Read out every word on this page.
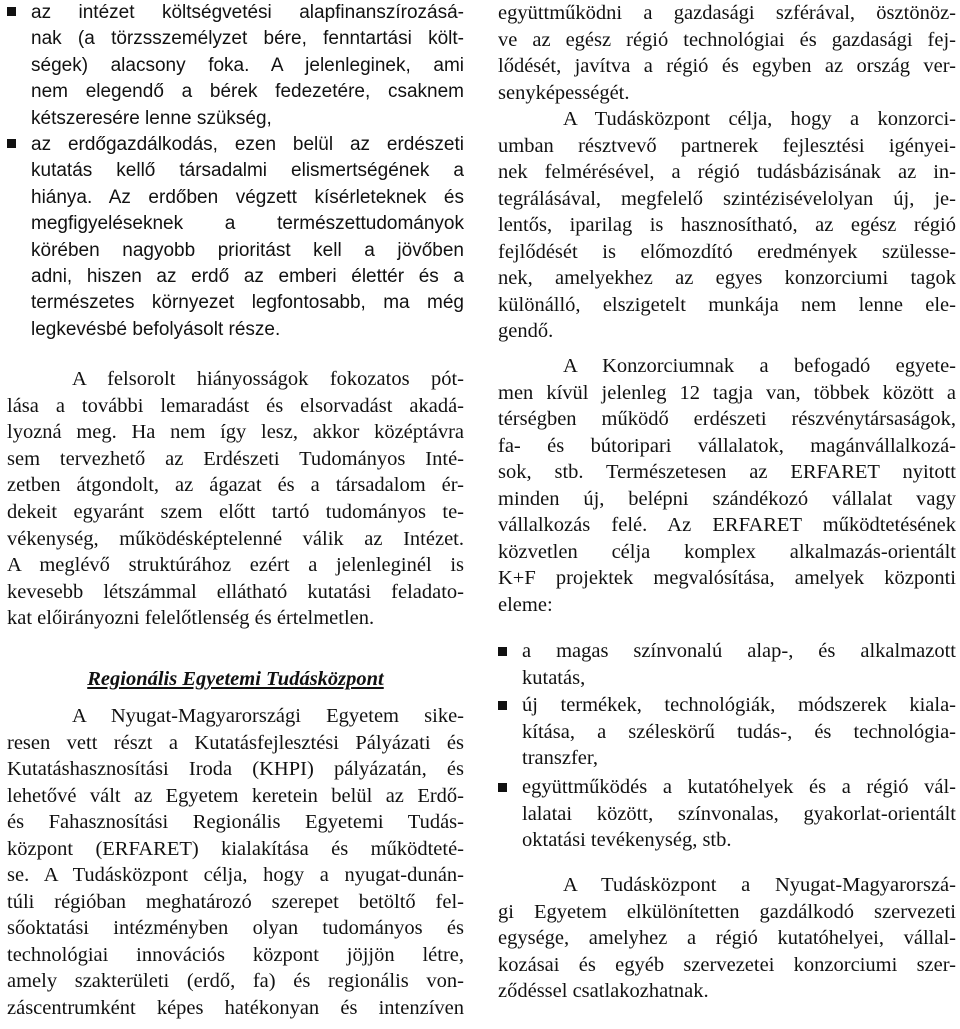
az intézet költségvetési alapfinanszírozásá-

nak (a törzsszemélyzet bére, fenntartási költ-

ségek) alacsony foka. A jelenleginek, ami

nem elegendő a bérek fedezetére, csaknem

kétszeresére lenne szükség,

az erdőgazdálkodás, ezen belül az erdészeti

kutatás kellő társadalmi elismertségének a

hiánya. Az erdőben végzett kísérleteknek és

megfigyeléseknek a természettudományok

körében nagyobb prioritást kell a jövőben

adni, hiszen az erdő az emberi élettér és a

természetes környezet legfontosabb, ma még

legkevésbé befolyásolt része.

A felsorolt hiányosságok fokozatos pót-

lása a további lemaradást és elsorvadást akadá-

lyozná meg. Ha nem így lesz, akkor középtávra

sem tervezhető az Erdészeti Tudományos Inté-

zetben átgondolt, az ágazat és a társadalom ér-

dekeit egyaránt szem előtt tartó tudományos te-

vékenység, működésképtelenné válik az Intézet.

A meglévő struktúrához ezért a jelenleginél is

kevesebb létszámmal ellátható kutatási feladato-

kat előirányozni felelőtlenség és értelmetlen.

Regionális Egyetemi Tudásközpont

A Nyugat-Magyarországi Egyetem sike-

resen vett részt a Kutatásfejlesztési Pályázati és

Kutatáshasznosítási Iroda (KHPI) pályázatán, és

lehetővé vált az Egyetem keretein belül az Erdő-

és Fahasznosítási Regionális Egyetemi Tudás-

központ (ERFARET) kialakítása és működteté-

se. A Tudásközpont célja, hogy a nyugat-dunán-

túli régióban meghatározó szerepet betöltő fel-

sőoktatási intézményben olyan tudományos és

technológiai innovációs központ jöjjön létre,

amely szakterületi (erdő, fa) és regionális von-

záscentrumként képes hatékonyan és intenzíven

együttműködni a gazdasági szférával, ösztönöz-

ve az egész régió technológiai és gazdasági fej-

lődését, javítva a régió és egyben az ország ver-

senyképességét.

A Tudásközpont célja, hogy a konzorci-

umban résztvevő partnerek fejlesztési igényei-

nek felmérésével, a régió tudásbázisának az in-

tegrálásával, megfelelő szintézisévelolyan új, je-

lentős, iparilag is hasznosítható, az egész régió

fejlődését is előmozdító eredmények szülesse-

nek, amelyekhez az egyes konzorciumi tagok

különálló, elszigetelt munkája nem lenne ele-

gendő.

A Konzorciumnak a befogadó egyete-

men kívül jelenleg 12 tagja van, többek között a

térségben működő erdészeti részvénytársaságok,

fa- és bútoripari vállalatok, magánvállalkozá-

sok, stb. Természetesen az ERFARET nyitott

minden új, belépni szándékozó vállalat vagy

vállalkozás felé. Az ERFARET működtetésének

közvetlen célja komplex alkalmazás-orientált

K+F projektek megvalósítása, amelyek központi

eleme:

a magas színvonalú alap-, és alkalmazott

kutatás,

új termékek, technológiák, módszerek kiala-

kítása, a széleskörű tudás-, és technológia-

transzfer,

együttműködés a kutatóhelyek és a régió vál-

lalatai között, színvonalas, gyakorlat-orientált

oktatási tevékenység, stb.

A Tudásközpont a Nyugat-Magyarorszá-

gi Egyetem elkülönítetten gazdálkodó szervezeti

egysége, amelyhez a régió kutatóhelyei, vállal-

kozásai és egyéb szervezetei konzorciumi szer-

ződéssel csatlakozhatnak.
